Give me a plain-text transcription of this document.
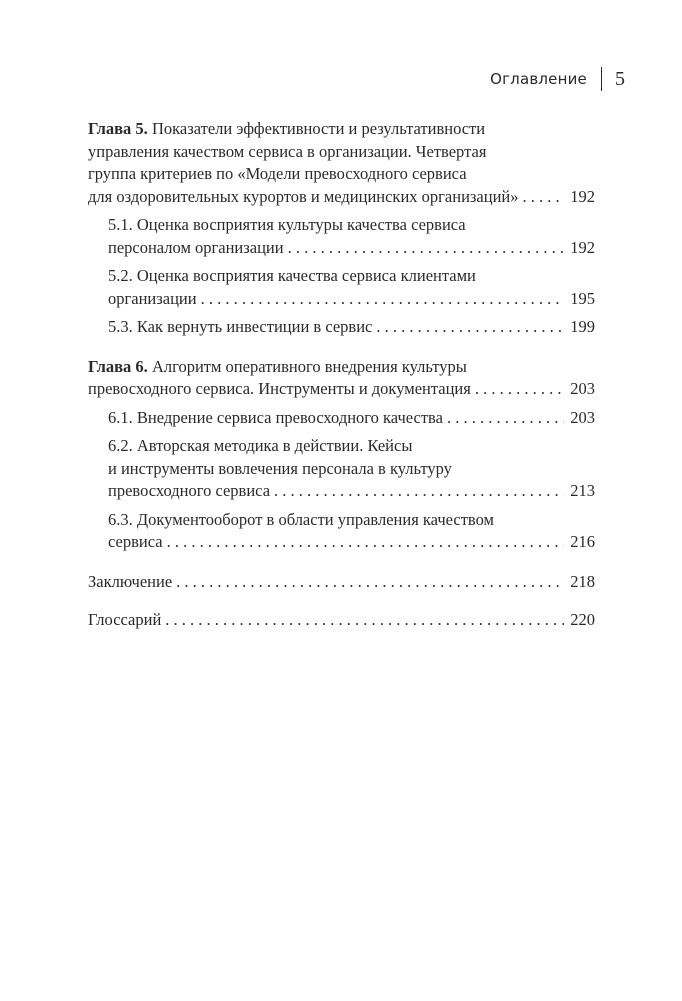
Оглавление 5
Глава 5. Показатели эффективности и результативности
управления качеством сервиса в организации. Четвертая
группа критериев по «Модели превосходного сервиса
для оздоровительных курортов и медицинских организаций» . . .	192
5.1. Оценка восприятия культуры качества сервиса
персоналом организации . . .	192
5.2. Оценка восприятия качества сервиса клиентами
организации . . .	195
5.3. Как вернуть инвестиции в сервис . . .	199
Глава 6. Алгоритм оперативного внедрения культуры
превосходного сервиса. Инструменты и документация . . .	203
6.1. Внедрение сервиса превосходного качества . . .	203
6.2. Авторская методика в действии. Кейсы
и инструменты вовлечения персонала в культуру
превосходного сервиса . . .	213
6.3. Документооборот в области управления качеством
сервиса . . .	216
Заключение . . .	218
Глоссарий . . .	220
